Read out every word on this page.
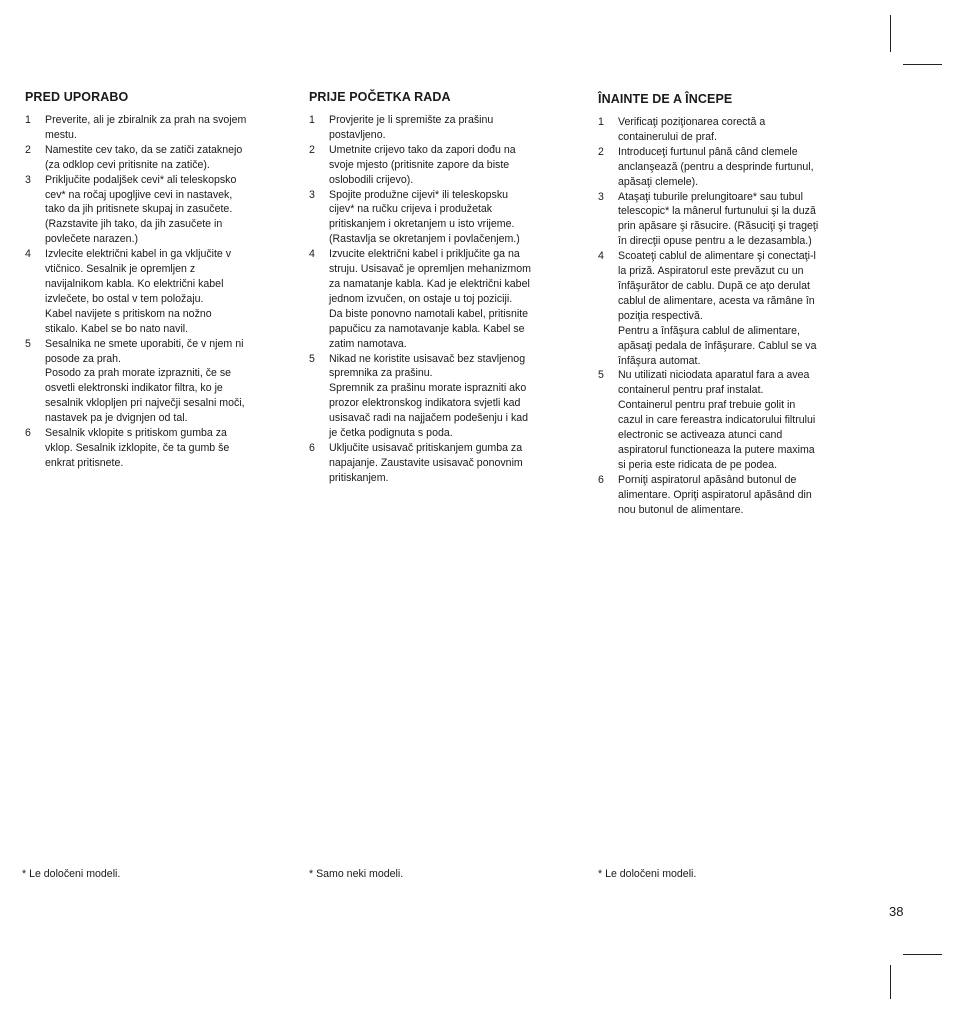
PRED UPORABO
1	Preverite, ali je zbiralnik za prah na svojem
mestu.

2	Namestite cev tako, da se zatiči zataknejo
(za odklop cevi pritisnite na zatiče).

3	Priključite podaljšek cevi* ali teleskopsko
cev* na ročaj upogljive cevi in nastavek,
tako da jih pritisnete skupaj in zasučete.
(Razstavite jih tako, da jih zasučete in
povlečete narazen.)

4	Izvlecite električni kabel in ga vključite v
vtičnico. Sesalnik je opremljen z
navijalnikom kabla. Ko električni kabel
izvlečete, bo ostal v tem položaju.

Kabel navijete s pritiskom na nožno
stikalo. Kabel se bo nato navil.

5	Sesalnika ne smete uporabiti, če v njem ni
posode za prah.

Posodo za prah morate izprazniti, če se
osvetli elektronski indikator filtra, ko je
sesalnik vklopljen pri največji sesalni moči,
nastavek pa je dvignjen od tal.

6	Sesalnik vklopite s pritiskom gumba za
vklop. Sesalnik izklopite, če ta gumb še
enkrat pritisnete.

PRIJE POČETKA RADA
1	Provjerite je li spremište za prašinu
postavljeno.

2	Umetnite crijevo tako da zapori dođu na
svoje mjesto (pritisnite zapore da biste
oslobodili crijevo).

3	Spojite produžne cijevi* ili teleskopsku
cijev* na ručku crijeva i produžetak
pritiskanjem i okretanjem u isto vrijeme.
(Rastavlja se okretanjem i povlačenjem.)

4	Izvucite električni kabel i priključite ga na
struju. Usisavač je opremljen mehanizmom
za namatanje kabla. Kad je električni kabel
jednom izvučen, on ostaje u toj poziciji.

Da biste ponovno namotali kabel, pritisnite
papučicu za namotavanje kabla. Kabel se
zatim namotava.

5	Nikad ne koristite usisavač bez stavljenog
spremnika za prašinu.

Spremnik za prašinu morate isprazniti ako
prozor elektronskog indikatora svjetli kad
usisavač radi na najjačem podešenju i kad
je četka podignuta s poda.

6	Uključite usisavač pritiskanjem gumba za
napajanje. Zaustavite usisavač ponovnim
pritiskanjem.

ÎNAINTE DE A ÎNCEPE
1	Verificaţi poziţionarea corectă a
containerului de praf.

2	Introduceţi furtunul până când clemele
anclanşează (pentru a desprinde furtunul,
apăsaţi clemele).

3	Ataşaţi tuburile prelungitoare* sau tubul
telescopic* la mânerul furtunului şi la duză
prin apăsare şi răsucire. (Răsuciţi şi trageţi
în direcţii opuse pentru a le dezasambla.)

4	Scoateţi cablul de alimentare şi conectaţi-l
la priză. Aspiratorul este prevăzut cu un
înfăşurător de cablu. După ce aţo derulat
cablul de alimentare, acesta va rămâne în
poziţia respectivă.

Pentru a înfăşura cablul de alimentare,
apăsaţi pedala de înfăşurare. Cablul se va
înfăşura automat.

5	Nu utilizati niciodata aparatul fara a avea
containerul pentru praf instalat.

Containerul pentru praf trebuie golit in
cazul in care fereastra indicatorului filtrului
electronic se activeaza atunci cand
aspiratorul functioneaza la putere maxima
si peria este ridicata de pe podea.

6	Porniţi aspiratorul apăsând butonul de
alimentare. Opriţi aspiratorul apăsând din
nou butonul de alimentare.

* Le določeni modeli.	* Samo neki modeli.	* Le določeni modeli.
38
